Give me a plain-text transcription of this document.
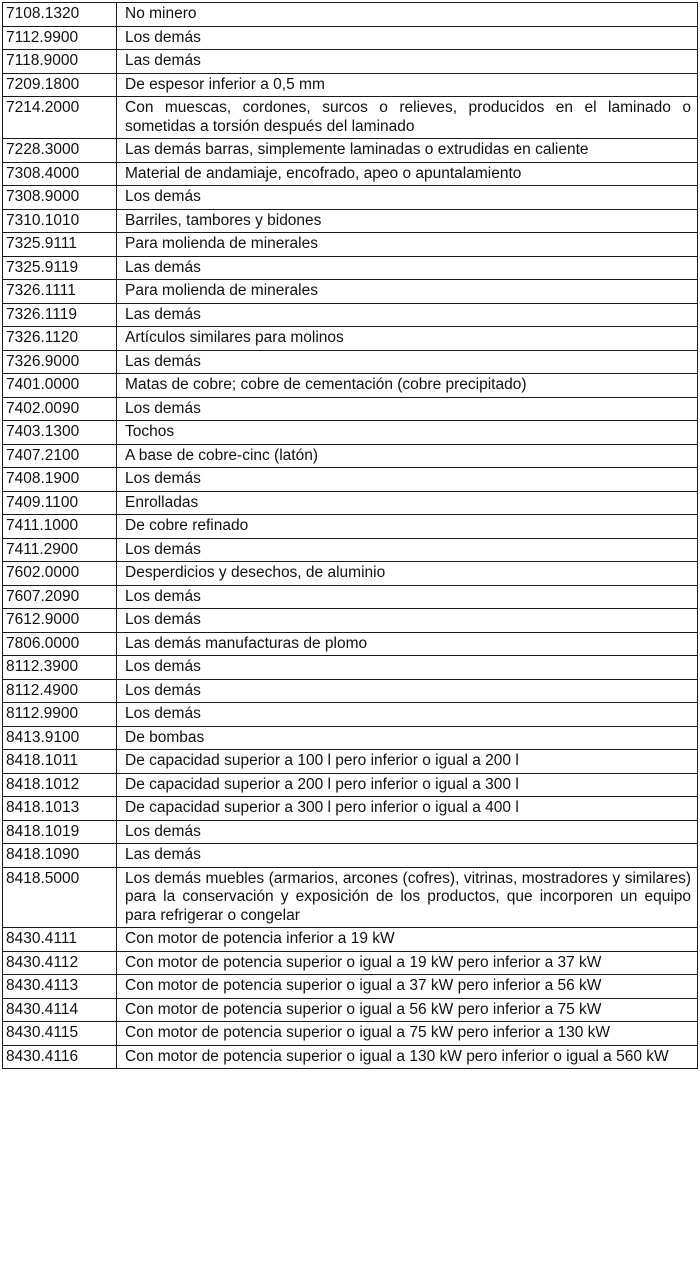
7108.1320	No minero
7112.9900	Los demás
7118.9000	Las demás
7209.1800	De espesor inferior a 0,5 mm
7214.2000	Con muescas, cordones, surcos o relieves, producidos en el laminado o sometidas a torsión después del laminado
7228.3000	Las demás barras, simplemente laminadas o extrudidas en caliente
7308.4000	Material de andamiaje, encofrado, apeo o apuntalamiento
7308.9000	Los demás
7310.1010	Barriles, tambores y bidones
7325.9111	Para molienda de minerales
7325.9119	Las demás
7326.1111	Para molienda de minerales
7326.1119	Las demás
7326.1120	Artículos similares para molinos
7326.9000	Las demás
7401.0000	Matas de cobre; cobre de cementación (cobre precipitado)
7402.0090	Los demás
7403.1300	Tochos
7407.2100	A base de cobre-cinc (latón)
7408.1900	Los demás
7409.1100	Enrolladas
7411.1000	De cobre refinado
7411.2900	Los demás
7602.0000	Desperdicios y desechos, de aluminio
7607.2090	Los demás
7612.9000	Los demás
7806.0000	Las demás manufacturas de plomo
8112.3900	Los demás
8112.4900	Los demás
8112.9900	Los demás
8413.9100	De bombas
8418.1011	De capacidad superior a 100 l pero inferior o igual a 200 l
8418.1012	De capacidad superior a 200 l pero inferior o igual a 300 l
8418.1013	De capacidad superior a 300 l pero inferior o igual a 400 l
8418.1019	Los demás
8418.1090	Las demás
8418.5000	Los demás muebles (armarios, arcones (cofres), vitrinas, mostradores y similares) para la conservación y exposición de los productos, que incorporen un equipo para refrigerar o congelar
8430.4111	Con motor de potencia inferior a 19 kW
8430.4112	Con motor de potencia superior o igual a 19 kW pero inferior a 37 kW
8430.4113	Con motor de potencia superior o igual a 37 kW pero inferior a 56 kW
8430.4114	Con motor de potencia superior o igual a 56 kW pero inferior a 75 kW
8430.4115	Con motor de potencia superior o igual a 75 kW pero inferior a 130 kW
8430.4116	Con motor de potencia superior o igual a 130 kW pero inferior o igual a 560 kW
